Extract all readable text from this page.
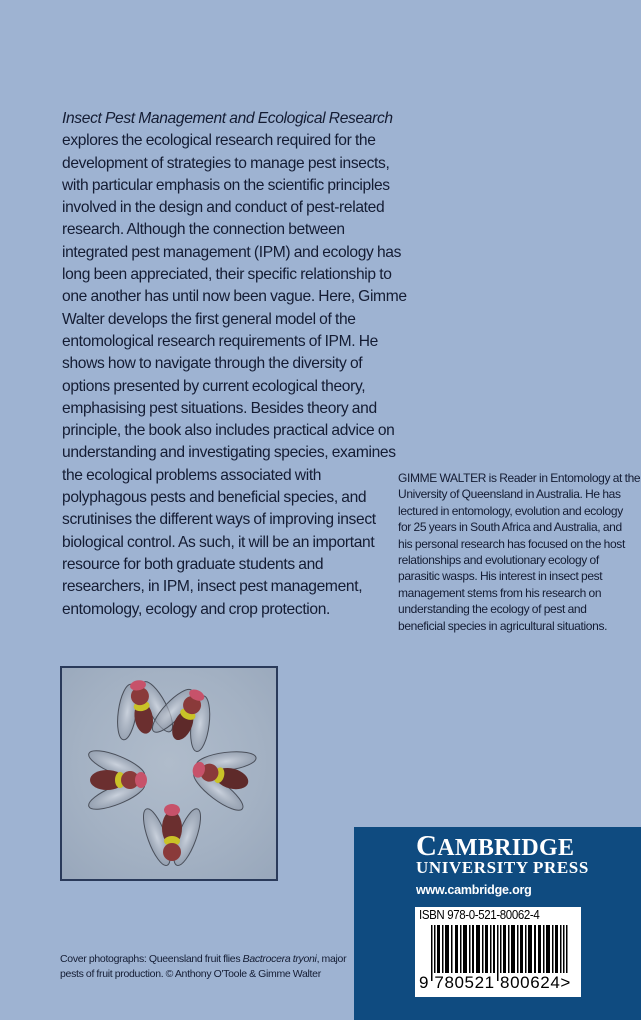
Insect Pest Management and Ecological Research
explores the ecological research required for the
development of strategies to manage pest insects,
with particular emphasis on the scientific principles
involved in the design and conduct of pest-related
research. Although the connection between
integrated pest management (IPM) and ecology has
long been appreciated, their specific relationship to
one another has until now been vague. Here, Gimme
Walter develops the first general model of the
entomological research requirements of IPM. He
shows how to navigate through the diversity of
options presented by current ecological theory,
emphasising pest situations. Besides theory and
principle, the book also includes practical advice on
understanding and investigating species, examines
the ecological problems associated with
polyphagous pests and beneficial species, and
scrutinises the different ways of improving insect
biological control. As such, it will be an important
resource for both graduate students and
researchers, in IPM, insect pest management,
entomology, ecology and crop protection.
GIMME WALTER is Reader in Entomology at the
University of Queensland in Australia. He has
lectured in entomology, evolution and ecology
for 25 years in South Africa and Australia, and
his personal research has focused on the host
relationships and evolutionary ecology of
parasitic wasps. His interest in insect pest
management stems from his research on
understanding the ecology of pest and
beneficial species in agricultural situations.
Cover photographs: Queensland fruit flies Bactrocera tryoni, major
pests of fruit production. © Anthony O'Toole & Gimme Walter
CAMBRIDGE
UNIVERSITY PRESS
www.cambridge.org
ISBN 978-0-521-80062-4
9 780521 800624>
